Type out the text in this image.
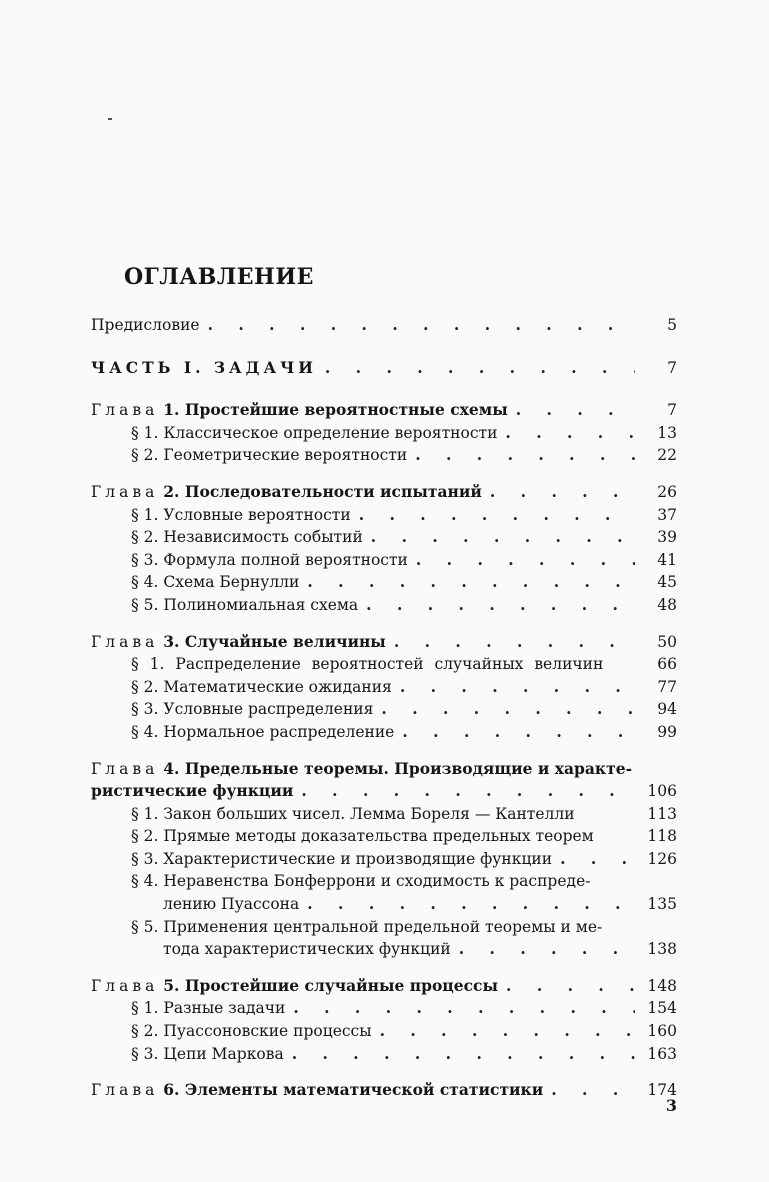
ОГЛАВЛЕНИЕ
Предисловие . . .	5
ЧАСТЬ I. ЗАДАЧИ . . .	7
Глава 1. Простейшие вероятностные схемы . . .	7
§ 1. Классическое определение вероятности . . .	13
§ 2. Геометрические вероятности . . .	22
Глава 2. Последовательности испытаний . . .	26
§ 1. Условные вероятности . . .	37
§ 2. Независимость событий . . .	39
§ 3. Формула полной вероятности . . .	41
§ 4. Схема Бернулли . . .	45
§ 5. Полиномиальная схема . . .	48
Глава 3. Случайные величины . . .	50
§ 1. Распределение вероятностей случайных величин	66
§ 2. Математические ожидания . . .	77
§ 3. Условные распределения . . .	94
§ 4. Нормальное распределение . . .	99
Глава 4. Предельные теоремы. Производящие и характе-
ристические функции . . .	106
§ 1. Закон больших чисел. Лемма Бореля — Кантелли	113
§ 2. Прямые методы доказательства предельных теорем	118
§ 3. Характеристические и производящие функции . . .	126
§ 4. Неравенства Бонферрони и сходимость к распреде-
лению Пуассона . . .	135
§ 5. Применения центральной предельной теоремы и ме-
тода характеристических функций . . .	138
Глава 5. Простейшие случайные процессы . . .	148
§ 1. Разные задачи . . .	154
§ 2. Пуассоновские процессы . . .	160
§ 3. Цепи Маркова . . .	163
Глава 6. Элементы математической статистики . . .	174
3
